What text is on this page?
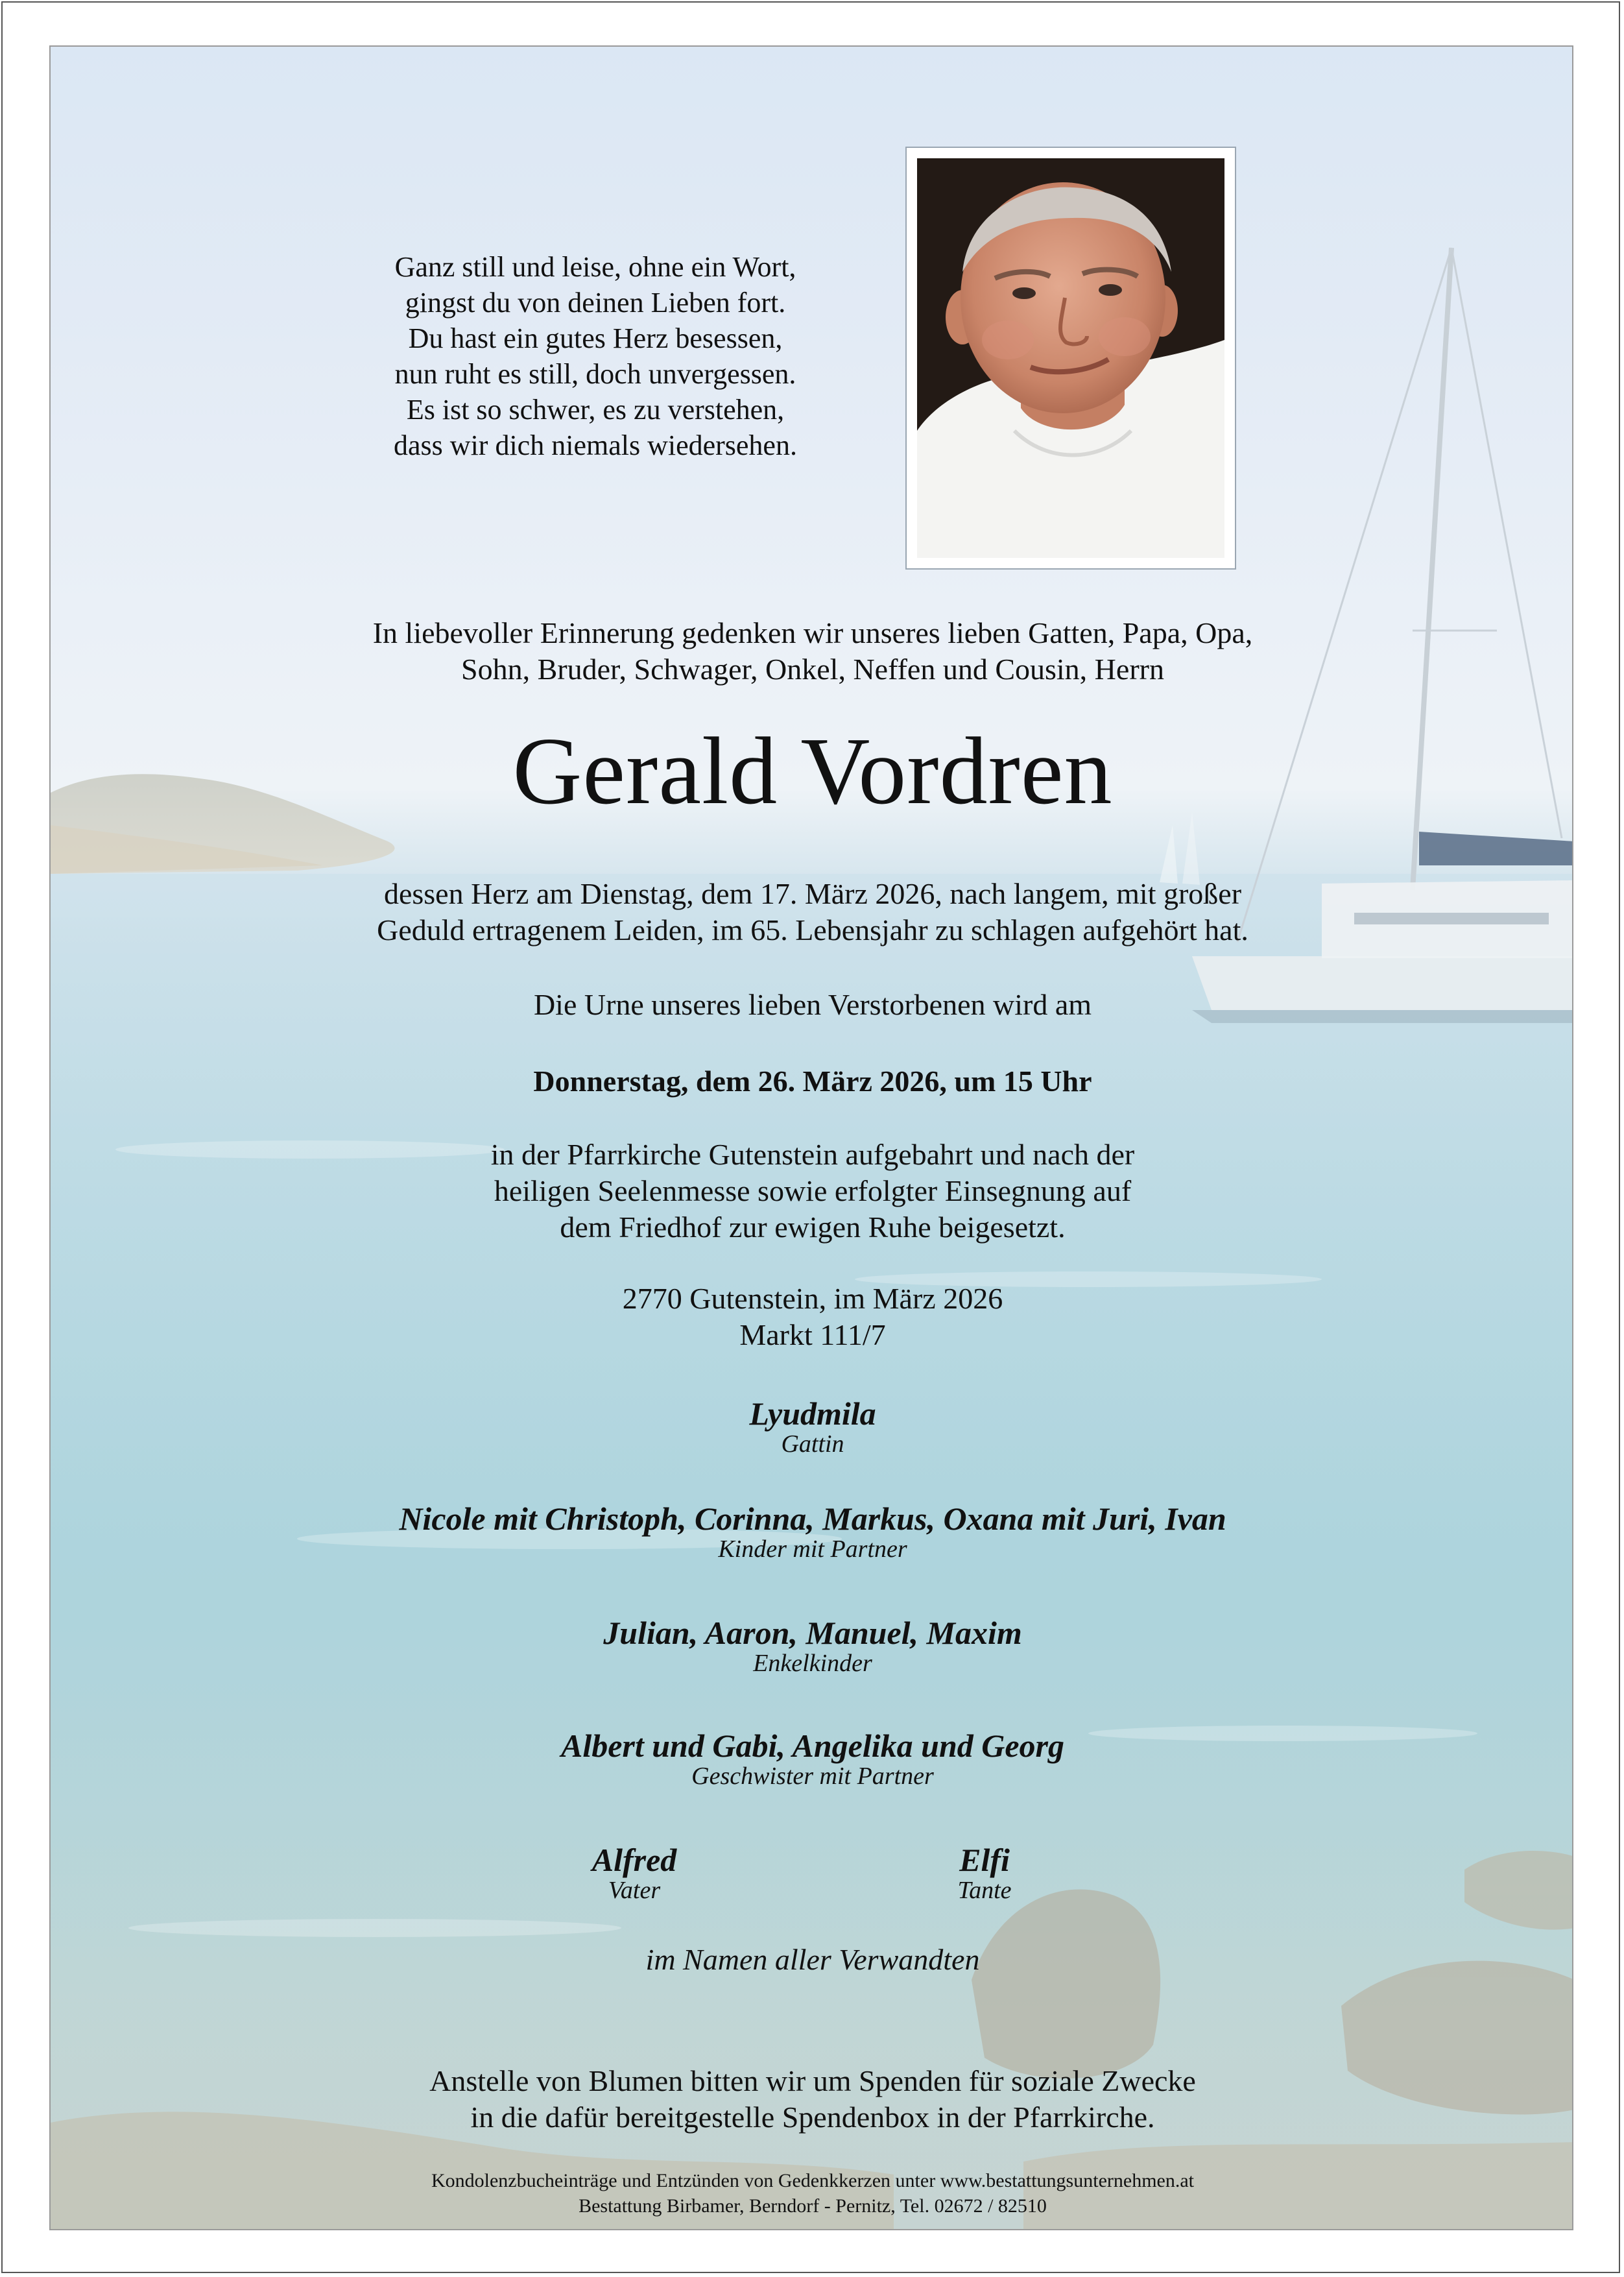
Ganz still und leise, ohne ein Wort,
gingst du von deinen Lieben fort.
Du hast ein gutes Herz besessen,
nun ruht es still, doch unvergessen.
Es ist so schwer, es zu verstehen,
dass wir dich niemals wiedersehen.
In liebevoller Erinnerung gedenken wir unseres lieben Gatten, Papa, Opa,
Sohn, Bruder, Schwager, Onkel, Neffen und Cousin, Herrn
Gerald Vordren
dessen Herz am Dienstag, dem 17. März 2026, nach langem, mit großer
Geduld ertragenem Leiden, im 65. Lebensjahr zu schlagen aufgehört hat.
Die Urne unseres lieben Verstorbenen wird am
Donnerstag, dem 26. März 2026, um 15 Uhr
in der Pfarrkirche Gutenstein aufgebahrt und nach der
heiligen Seelenmesse sowie erfolgter Einsegnung auf
dem Friedhof zur ewigen Ruhe beigesetzt.
2770 Gutenstein, im März 2026
Markt 111/7
Lyudmila
Gattin
Nicole mit Christoph, Corinna, Markus, Oxana mit Juri, Ivan
Kinder mit Partner
Julian, Aaron, Manuel, Maxim
Enkelkinder
Albert und Gabi, Angelika und Georg
Geschwister mit Partner
Alfred
Vater
Elfi
Tante
im Namen aller Verwandten
Anstelle von Blumen bitten wir um Spenden für soziale Zwecke
in die dafür bereitgestelle Spendenbox in der Pfarrkirche.
Kondolenzbucheinträge und Entzünden von Gedenkkerzen unter www.bestattungsunternehmen.at
Bestattung Birbamer, Berndorf - Pernitz, Tel. 02672 / 82510
